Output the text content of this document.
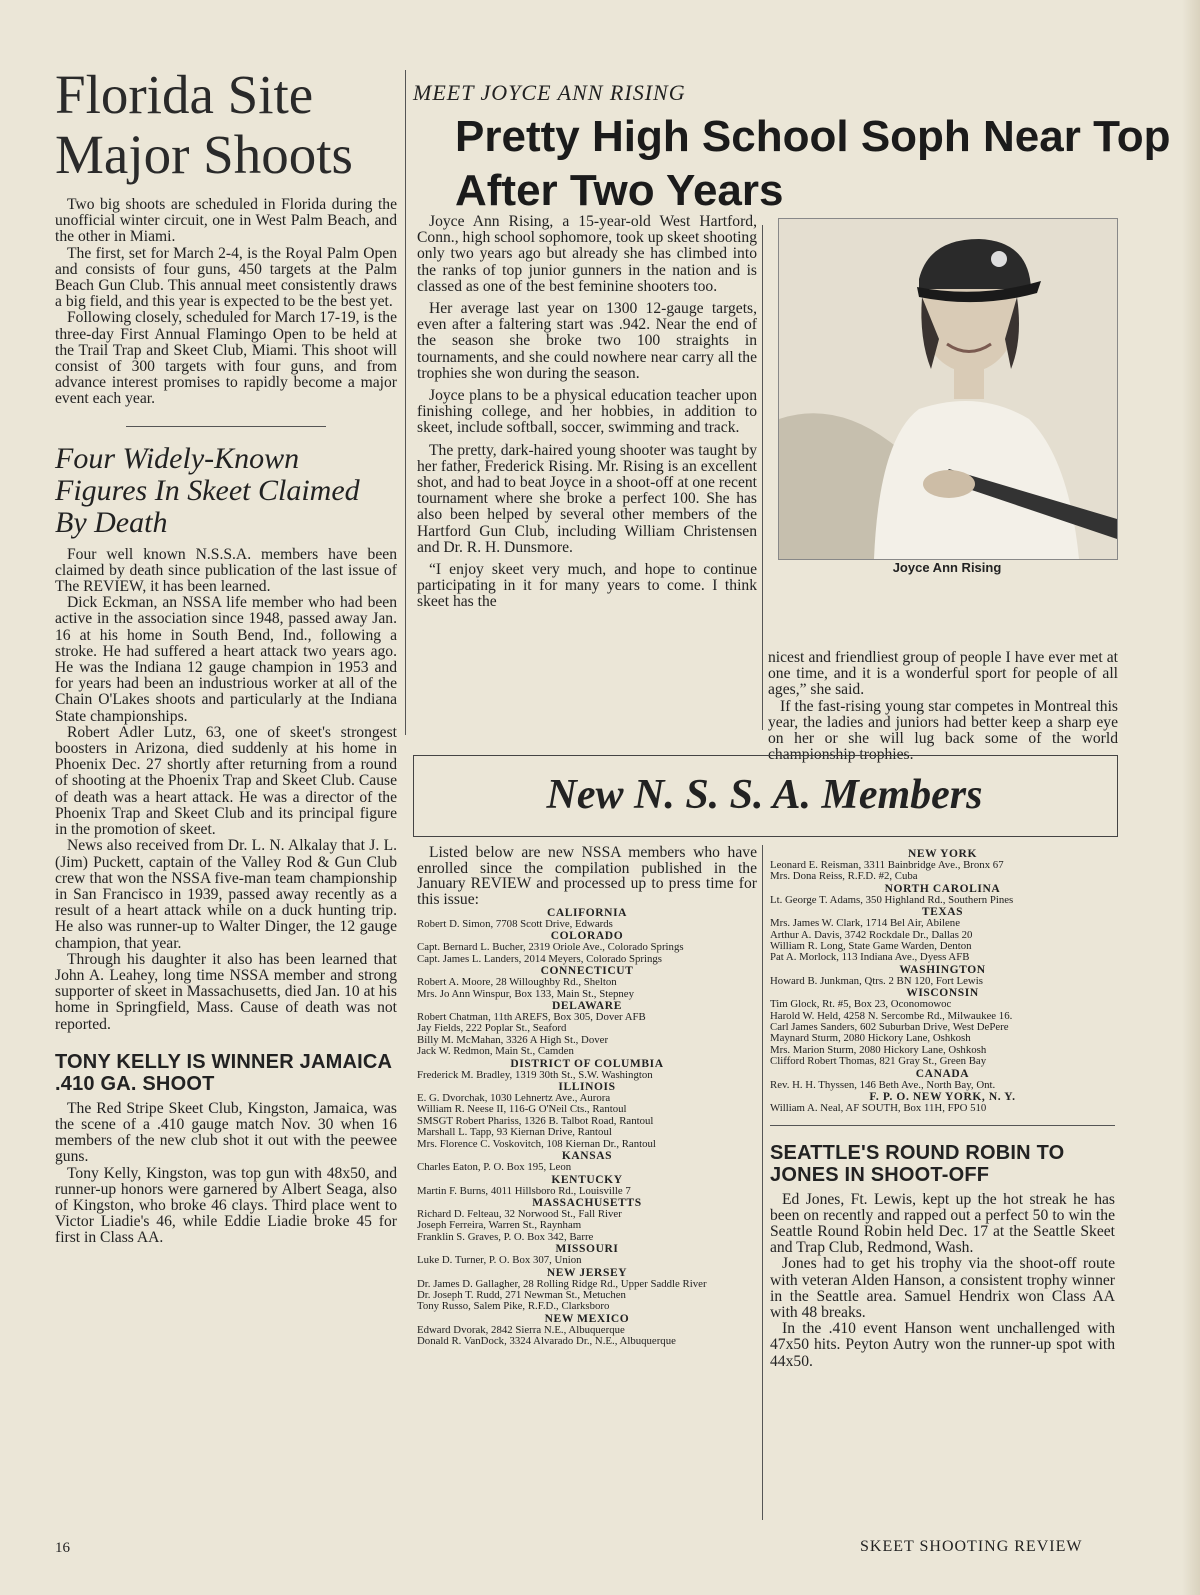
Florida Site Major Shoots

Two big shoots are scheduled in Florida during the unofficial winter circuit, one in West Palm Beach, and the other in Miami.

The first, set for March 2-4, is the Royal Palm Open and consists of four guns, 450 targets at the Palm Beach Gun Club. This annual meet consistently draws a big field, and this year is expected to be the best yet.

Following closely, scheduled for March 17-19, is the three-day First Annual Flamingo Open to be held at the Trail Trap and Skeet Club, Miami. This shoot will consist of 300 targets with four guns, and from advance interest promises to rapidly become a major event each year.

Four Widely-Known Figures In Skeet Claimed By Death

Four well known N.S.S.A. members have been claimed by death since publication of the last issue of The REVIEW, it has been learned.

Dick Eckman, an NSSA life member who had been active in the association since 1948, passed away Jan. 16 at his home in South Bend, Ind., following a stroke. He had suffered a heart attack two years ago. He was the Indiana 12 gauge champion in 1953 and for years had been an industrious worker at all of the Chain O'Lakes shoots and particularly at the Indiana State championships.

Robert Adler Lutz, 63, one of skeet's strongest boosters in Arizona, died suddenly at his home in Phoenix Dec. 27 shortly after returning from a round of shooting at the Phoenix Trap and Skeet Club. Cause of death was a heart attack. He was a director of the Phoenix Trap and Skeet Club and its principal figure in the promotion of skeet.

News also received from Dr. L. N. Alkalay that J. L. (Jim) Puckett, captain of the Valley Rod & Gun Club crew that won the NSSA five-man team championship in San Francisco in 1939, passed away recently as a result of a heart attack while on a duck hunting trip. He also was runner-up to Walter Dinger, the 12 gauge champion, that year.

Through his daughter it also has been learned that John A. Leahey, long time NSSA member and strong supporter of skeet in Massachusetts, died Jan. 10 at his home in Springfield, Mass. Cause of death was not reported.

TONY KELLY IS WINNER JAMAICA .410 GA. SHOOT

The Red Stripe Skeet Club, Kingston, Jamaica, was the scene of a .410 gauge match Nov. 30 when 16 members of the new club shot it out with the peewee guns.

Tony Kelly, Kingston, was top gun with 48x50, and runner-up honors were garnered by Albert Seaga, also of Kingston, who broke 46 clays. Third place went to Victor Liadie's 46, while Eddie Liadie broke 45 for first in Class AA.

MEET JOYCE ANN RISING
Pretty High School Soph Near Top After Two Years

Joyce Ann Rising, a 15-year-old West Hartford, Conn., high school sophomore, took up skeet shooting only two years ago but already she has climbed into the ranks of top junior gunners in the nation and is classed as one of the best feminine shooters too.

Her average last year on 1300 12-gauge targets, even after a faltering start was .942. Near the end of the season she broke two 100 straights in tournaments, and she could nowhere near carry all the trophies she won during the season.

Joyce plans to be a physical education teacher upon finishing college, and her hobbies, in addition to skeet, include softball, soccer, swimming and track.

The pretty, dark-haired young shooter was taught by her father, Frederick Rising. Mr. Rising is an excellent shot, and had to beat Joyce in a shoot-off at one recent tournament where she broke a perfect 100. She has also been helped by several other members of the Hartford Gun Club, including William Christensen and Dr. R. H. Dunsmore.

“I enjoy skeet very much, and hope to continue participating in it for many years to come. I think skeet has the

Joyce Ann Rising

nicest and friendliest group of people I have ever met at one time, and it is a wonderful sport for people of all ages,” she said.

If the fast-rising young star competes in Montreal this year, the ladies and juniors had better keep a sharp eye on her or she will lug back some of the world championship trophies.

New N. S. S. A. Members

Listed below are new NSSA members who have enrolled since the compilation published in the January REVIEW and processed up to press time for this issue:

CALIFORNIA
Robert D. Simon, 7708 Scott Drive, Edwards
COLORADO
Capt. Bernard L. Bucher, 2319 Oriole Ave., Colorado Springs
Capt. James L. Landers, 2014 Meyers, Colorado Springs
CONNECTICUT
Robert A. Moore, 28 Willoughby Rd., Shelton
Mrs. Jo Ann Winspur, Box 133, Main St., Stepney
DELAWARE
Robert Chatman, 11th AREFS, Box 305, Dover AFB
Jay Fields, 222 Poplar St., Seaford
Billy M. McMahan, 3326 A High St., Dover
Jack W. Redmon, Main St., Camden
DISTRICT OF COLUMBIA
Frederick M. Bradley, 1319 30th St., S.W. Washington
ILLINOIS
E. G. Dvorchak, 1030 Lehnertz Ave., Aurora
William R. Neese II, 116-G O'Neil Cts., Rantoul
SMSGT Robert Phariss, 1326 B. Talbot Road, Rantoul
Marshall L. Tapp, 93 Kiernan Drive, Rantoul
Mrs. Florence C. Voskovitch, 108 Kiernan Dr., Rantoul
KANSAS
Charles Eaton, P. O. Box 195, Leon
KENTUCKY
Martin F. Burns, 4011 Hillsboro Rd., Louisville 7
MASSACHUSETTS
Richard D. Felteau, 32 Norwood St., Fall River
Joseph Ferreira, Warren St., Raynham
Franklin S. Graves, P. O. Box 342, Barre
MISSOURI
Luke D. Turner, P. O. Box 307, Union
NEW JERSEY
Dr. James D. Gallagher, 28 Rolling Ridge Rd., Upper Saddle River
Dr. Joseph T. Rudd, 271 Newman St., Metuchen
Tony Russo, Salem Pike, R.F.D., Clarksboro
NEW MEXICO
Edward Dvorak, 2842 Sierra N.E., Albuquerque
Donald R. VanDock, 3324 Alvarado Dr., N.E., Albuquerque
NEW YORK
Leonard E. Reisman, 3311 Bainbridge Ave., Bronx 67
Mrs. Dona Reiss, R.F.D. #2, Cuba
NORTH CAROLINA
Lt. George T. Adams, 350 Highland Rd., Southern Pines
TEXAS
Mrs. James W. Clark, 1714 Bel Air, Abilene
Arthur A. Davis, 3742 Rockdale Dr., Dallas 20
William R. Long, State Game Warden, Denton
Pat A. Morlock, 113 Indiana Ave., Dyess AFB
WASHINGTON
Howard B. Junkman, Qtrs. 2 BN 120, Fort Lewis
WISCONSIN
Tim Glock, Rt. #5, Box 23, Oconomowoc
Harold W. Held, 4258 N. Sercombe Rd., Milwaukee 16.
Carl James Sanders, 602 Suburban Drive, West DePere
Maynard Sturm, 2080 Hickory Lane, Oshkosh
Mrs. Marion Sturm, 2080 Hickory Lane, Oshkosh
Clifford Robert Thomas, 821 Gray St., Green Bay
CANADA
Rev. H. H. Thyssen, 146 Beth Ave., North Bay, Ont.
F. P. O. NEW YORK, N. Y.
William A. Neal, AF SOUTH, Box 11H, FPO 510
SEATTLE'S ROUND ROBIN TO JONES IN SHOOT-OFF

Ed Jones, Ft. Lewis, kept up the hot streak he has been on recently and rapped out a perfect 50 to win the Seattle Round Robin held Dec. 17 at the Seattle Skeet and Trap Club, Redmond, Wash.

Jones had to get his trophy via the shoot-off route with veteran Alden Hanson, a consistent trophy winner in the Seattle area. Samuel Hendrix won Class AA with 48 breaks.

In the .410 event Hanson went unchallenged with 47x50 hits. Peyton Autry won the runner-up spot with 44x50.

16	SKEET SHOOTING REVIEW
